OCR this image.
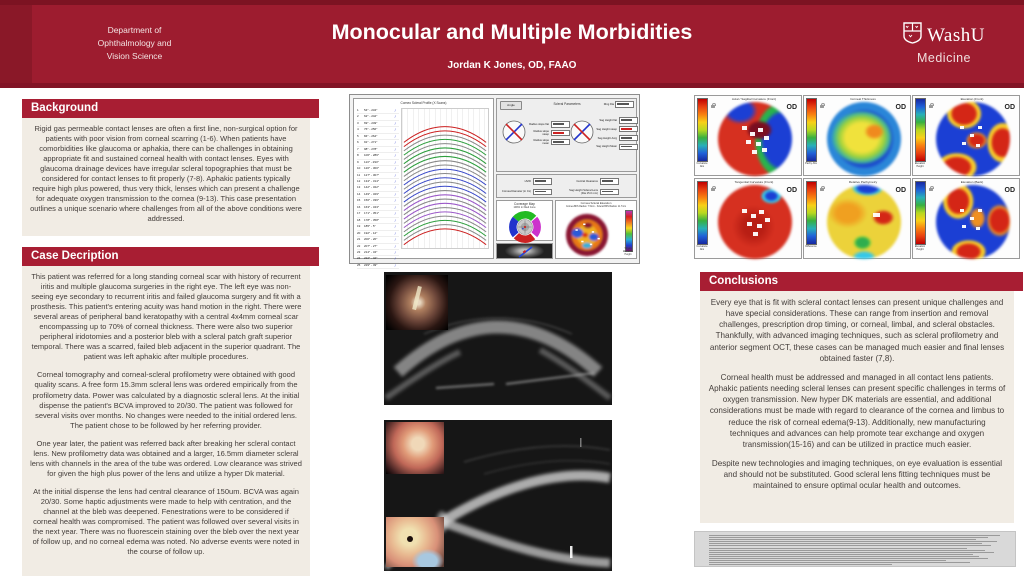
Department of
Ophthalmology and
Vision Science
Monocular and Multiple Morbidities
Jordan K Jones, OD, FAAO
WashU
Medicine
Background

Rigid gas permeable contact lenses are often a first line, non-surgical option for patients with poor vision from corneal scarring (1-6). When patients have comorbidities like glaucoma or aphakia, there can be challenges in obtaining appropriate fit and sustained corneal health with contact lenses. Eyes with glaucoma drainage devices have irregular scleral topographies that must be considered for contact lenses to fit properly (7-8). Aphakic patients typically require high plus powered, thus very thick, lenses which can present a challenge for adequate oxygen transmission to the cornea (9-13). This case presentation outlines a unique scenario where challenges from all of the above conditions were addressed.

Case Decription

This patient was referred for a long standing corneal scar with history of recurrent iritis and multiple glaucoma surgeries in the right eye. The left eye was non-seeing eye secondary to recurrent iritis and failed glaucoma surgery and fit with a prosthesis. This patient's entering acuity was hand motion in the right. There were several areas of peripheral band keratopathy with a central 4x4mm corneal scar encompassing up to 70% of corneal thickness. There were also two superior peripheral iridotomies and a posterior bleb with a scleral patch graft superior temporal. There was a scarred, failed bleb adjacent in the superior quadrant. The patient was left aphakic after multiple procedures.

Corneal tomography and corneal-scleral profilometry were obtained with good quality scans. A free form 15.3mm scleral lens was ordered empirically from the profilometry data. Power was calculated by a diagnostic scleral lens. At the initial dispense the patient's BCVA improved to 20/30. The patient was followed for several visits over months. No changes were needed to the initial ordered lens. The patient chose to be followed by her referring provider.

One year later, the patient was referred back after breaking her scleral contact lens. New profilometry data was obtained and a larger, 16.5mm diameter scleral lens with channels in the area of the tube was ordered. Low clearance was strived for given the high plus power of the lens and utilize a hyper Dk material.

At the initial dispense the lens had central clearance of 150um. BCVA was again 20/30. Some haptic adjustments were made to help with centration, and the channel at the bleb was deepened. Fenestrations were to be considered if corneal health was compromised. The patient was followed over several visits in the next year. There was no fluorescein staining over the bleb over the next year of follow up, and no corneal edema was noted. No adverse events were noted in the course of follow up.

Corneo Scleral Profile (X Scans)
1	54° - 234°	∕
2	62° - 242°	∕
3	69° - 249°	∕
4	76° - 256°	∕
5	84° - 264°	∕
6	91° - 271°	∕
7	98° - 278°	∕
8	106° - 286°	∕
9	113° - 293°	∕
10	120° - 300°	∕
11	127° - 307°	∕
12	134° - 314°	∕
13	142° - 322°	∕
14	149° - 329°	∕
15	156° - 336°	∕
16	163° - 343°	∕
17	171° - 351°	∕
18	178° - 358°	∕
19	185° - 5°	∕
20	192° - 12°	∕
21	200° - 20°	∕
22	207° - 27°	∕
23	214° - 34°	∕
24	222° - 42°	∕
25	229° - 49°	∕
Angle	Scleral Parameters	Ring Dia
Radius slope flat
Radius slope steep
Radius slope mean
Sag Height flat
Sag Height steep
Sag Height Avrg
Sag Height Mean
HVID
Cornea Diameter (in Cx)
Central Clearance
Sag Height Scleral Lens (Dia 15.0 mm)
Coverage Map
100% in fitted zone
Cornea Scleral Elevation
Cornea BFS Radius: 7.5mm - Scleral BFS Radius: 11.7mm
50 μm Elevation Height
Curvature Abs
Axial / Sagittal Curvature (Front)
OD
Pachy Abs
Corneal Thickness
OD
Elevation Height
Elevation (Front)
OD
Curvature Abs
Tangential Curvature (Front)
OD
Difference
Relative Pachymetry
OD
Elevation Height
Elevation (Back)
OD
Conclusions

Every eye that is fit with scleral contact lenses can present unique challenges and have special considerations. These can range from insertion and removal challenges, prescription drop timing, or corneal, limbal, and scleral obstacles. Thankfully, with advanced imaging techniques, such as scleral profilometry and anterior segment OCT, these cases can be managed much easier and final lenses obtained faster (7,8).

Corneal health must be addressed and managed in all contact lens patients. Aphakic patients needing scleral lenses can present specific challenges in terms of oxygen transmission. New hyper DK materials are essential, and additional considerations must be made with regard to clearance of the cornea and limbus to reduce the risk of corneal edema(9-13). Additionally, new manufacturing techniques and advances can help promote tear exchange and oxygen transmission(15-16) and can be utilized in practice much easier.

Despite new technologies and imaging techniques, on eye evaluation is essential and should not be substituted. Good scleral lens fitting techniques must be maintained to ensure optimal ocular health and outcomes.
